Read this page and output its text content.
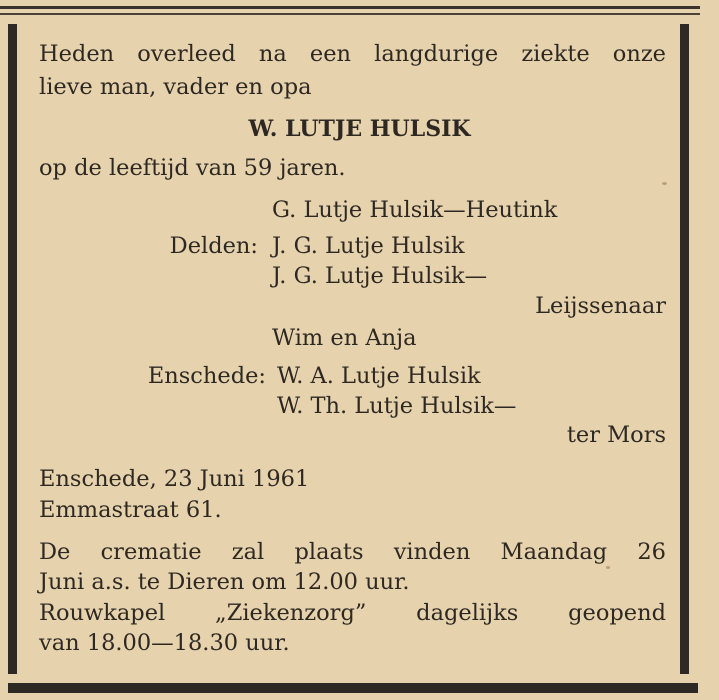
Heden overleed na een langdurige ziekte onze
lieve man, vader en opa
W. LUTJE HULSIK
op de leeftijd van 59 jaren.
G. Lutje Hulsik—Heutink
Delden: J. G. Lutje Hulsik
J. G. Lutje Hulsik—
Leijssenaar
Wim en Anja
Enschede: W. A. Lutje Hulsik
W. Th. Lutje Hulsik—
ter Mors
Enschede, 23 Juni 1961
Emmastraat 61.
De crematie zal plaats vinden Maandag 26
Juni a.s. te Dieren om 12.00 uur.
Rouwkapel „Ziekenzorg” dagelijks geopend
van 18.00—18.30 uur.
